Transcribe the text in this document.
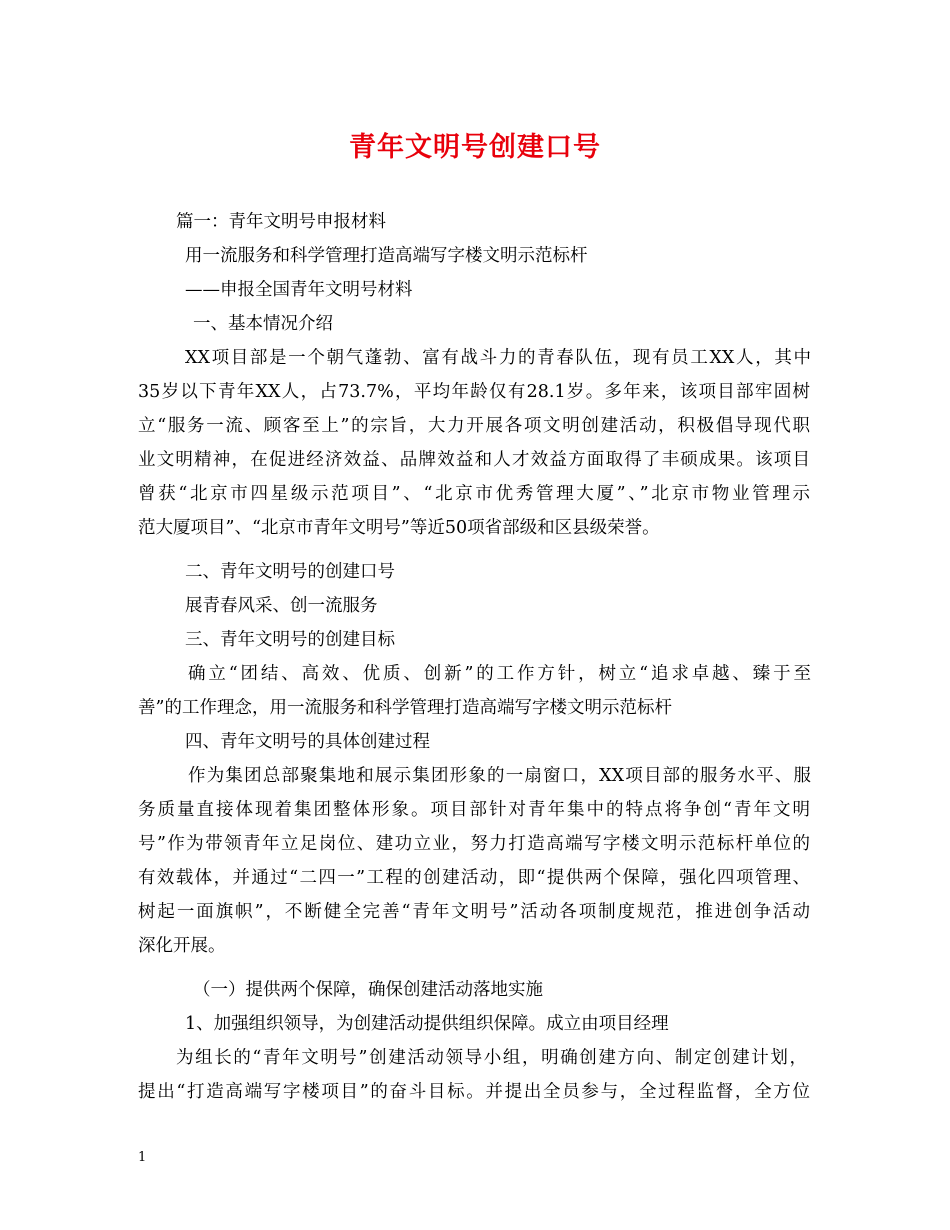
青年文明号创建口号
篇一：青年文明号申报材料
用一流服务和科学管理打造高端写字楼文明示范标杆
——申报全国青年文明号材料
一、基本情况介绍
XX项目部是一个朝气蓬勃、富有战斗力的青春队伍，现有员工XX人，其中
35岁以下青年XX人，占73.7%，平均年龄仅有28.1岁。多年来，该项目部牢固树
立“服务一流、顾客至上”的宗旨，大力开展各项文明创建活动，积极倡导现代职
业文明精神，在促进经济效益、品牌效益和人才效益方面取得了丰硕成果。该项目
曾获“北京市四星级示范项目”、“北京市优秀管理大厦”、”北京市物业管理示
范大厦项目”、“北京市青年文明号”等近50项省部级和区县级荣誉。
二、青年文明号的创建口号
展青春风采、创一流服务
三、青年文明号的创建目标
确立“团结、高效、优质、创新”的工作方针，树立“追求卓越、臻于至
善”的工作理念，用一流服务和科学管理打造高端写字楼文明示范标杆
四、青年文明号的具体创建过程
作为集团总部聚集地和展示集团形象的一扇窗口，XX项目部的服务水平、服
务质量直接体现着集团整体形象。项目部针对青年集中的特点将争创“青年文明
号”作为带领青年立足岗位、建功立业，努力打造高端写字楼文明示范标杆单位的
有效载体，并通过“二四一”工程的创建活动，即“提供两个保障，强化四项管理、
树起一面旗帜”，不断健全完善“青年文明号”活动各项制度规范，推进创争活动
深化开展。
（一）提供两个保障，确保创建活动落地实施
1、加强组织领导，为创建活动提供组织保障。成立由项目经理
为组长的“青年文明号”创建活动领导小组，明确创建方向、制定创建计划，
提出“打造高端写字楼项目”的奋斗目标。并提出全员参与，全过程监督，全方位
1
